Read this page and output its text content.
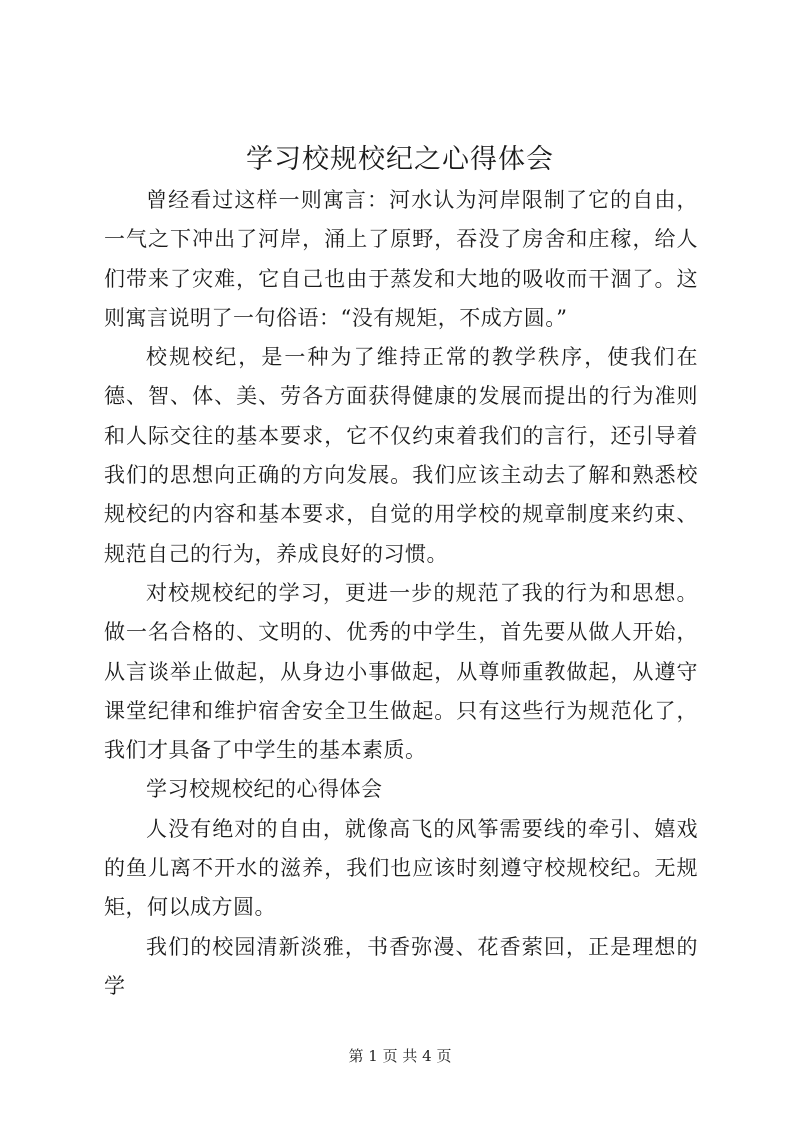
学习校规校纪之心得体会

曾经看过这样一则寓言：河水认为河岸限制了它的自由，一气之下冲出了河岸，涌上了原野，吞没了房舍和庄稼，给人们带来了灾难，它自己也由于蒸发和大地的吸收而干涸了。这则寓言说明了一句俗语：“没有规矩，不成方圆。”

校规校纪，是一种为了维持正常的教学秩序，使我们在德、智、体、美、劳各方面获得健康的发展而提出的行为准则和人际交往的基本要求，它不仅约束着我们的言行，还引导着我们的思想向正确的方向发展。我们应该主动去了解和熟悉校规校纪的内容和基本要求，自觉的用学校的规章制度来约束、规范自己的行为，养成良好的习惯。

对校规校纪的学习，更进一步的规范了我的行为和思想。做一名合格的、文明的、优秀的中学生，首先要从做人开始，从言谈举止做起，从身边小事做起，从尊师重教做起，从遵守课堂纪律和维护宿舍安全卫生做起。只有这些行为规范化了，我们才具备了中学生的基本素质。

学习校规校纪的心得体会

人没有绝对的自由，就像高飞的风筝需要线的牵引、嬉戏的鱼儿离不开水的滋养，我们也应该时刻遵守校规校纪。无规矩，何以成方圆。

我们的校园清新淡雅，书香弥漫、花香萦回，正是理想的学

第 1 页 共 4 页
